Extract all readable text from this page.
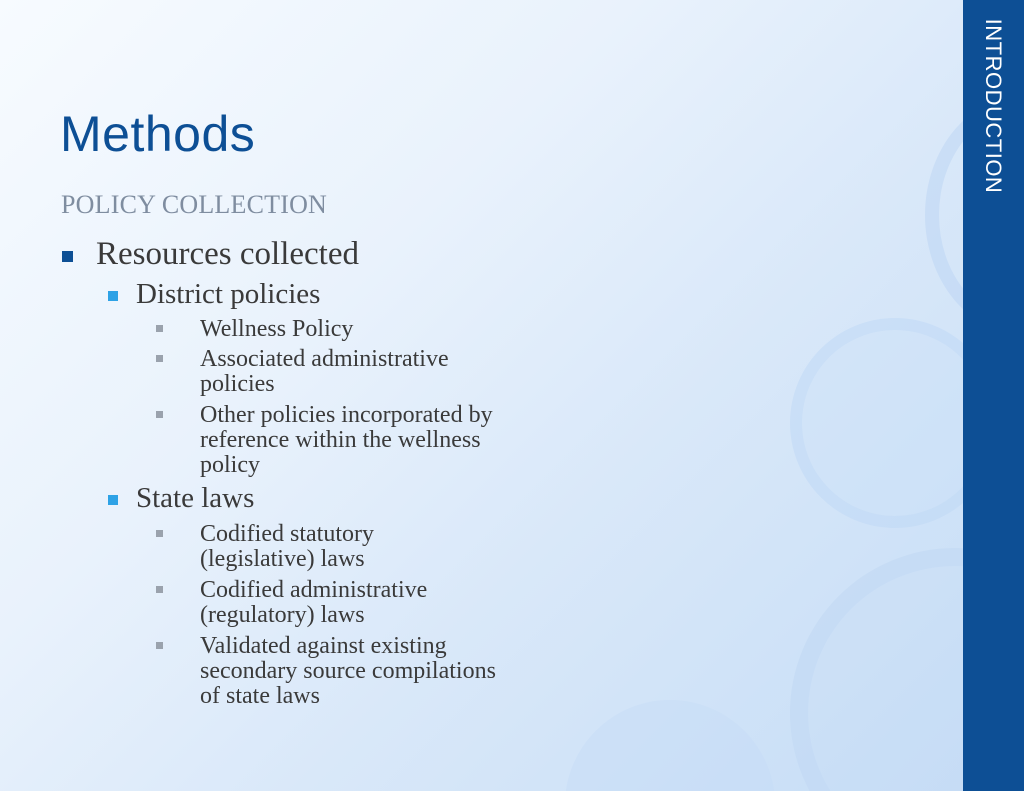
INTRODUCTION
Methods
POLICY COLLECTION

Resources collected

District policies

Wellness Policy

Associated administrative policies

Other policies incorporated by reference within the wellness policy

State laws

Codified statutory (legislative) laws

Codified administrative (regulatory) laws

Validated against existing secondary source compilations of state laws
